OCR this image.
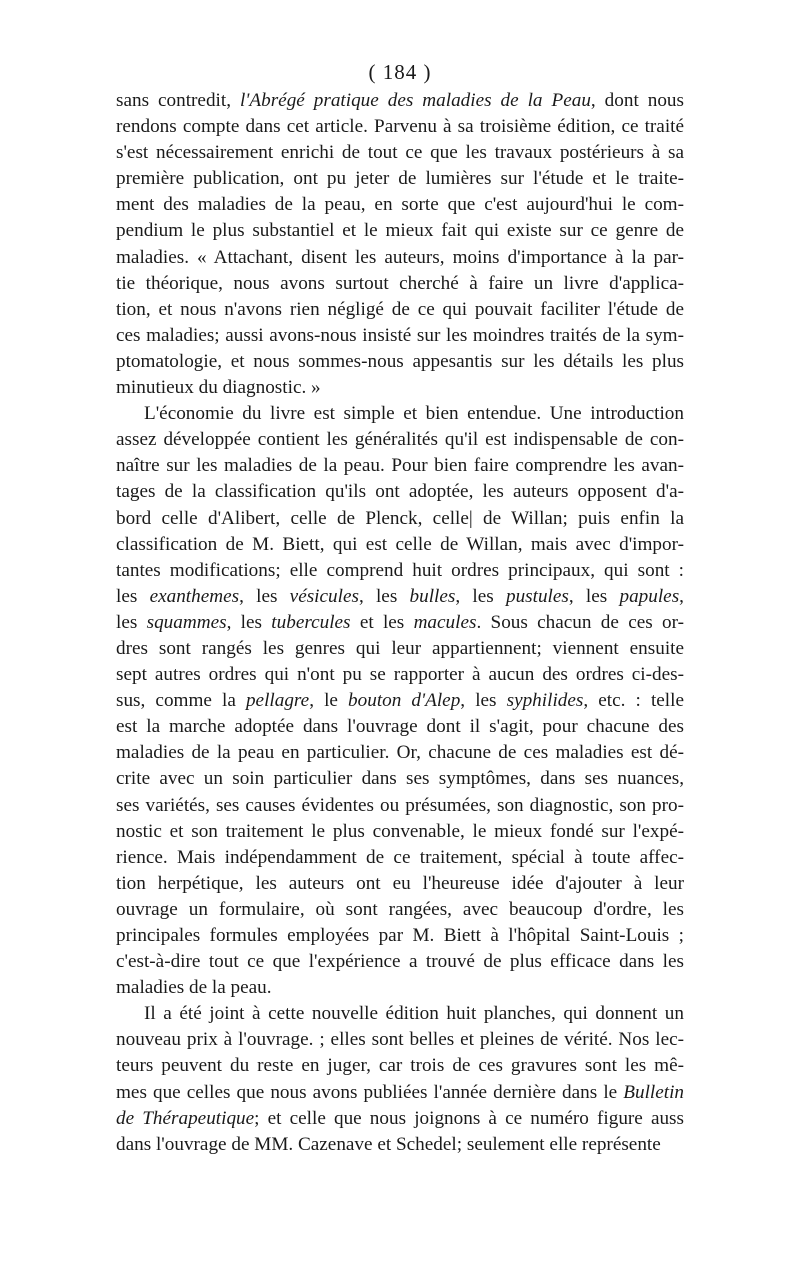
( 184 )
sans contredit, l'Abrégé pratique des maladies de la Peau, dont nous
rendons compte dans cet article. Parvenu à sa troisième édition, ce traité
s'est nécessairement enrichi de tout ce que les travaux postérieurs à sa
première publication, ont pu jeter de lumières sur l'étude et le traite-
ment des maladies de la peau, en sorte que c'est aujourd'hui le com-
pendium le plus substantiel et le mieux fait qui existe sur ce genre de
maladies. « Attachant, disent les auteurs, moins d'importance à la par-
tie théorique, nous avons surtout cherché à faire un livre d'applica-
tion, et nous n'avons rien négligé de ce qui pouvait faciliter l'étude de
ces maladies; aussi avons-nous insisté sur les moindres traités de la sym-
ptomatologie, et nous sommes-nous appesantis sur les détails les plus
minutieux du diagnostic. »
L'économie du livre est simple et bien entendue. Une introduction
assez développée contient les généralités qu'il est indispensable de con-
naître sur les maladies de la peau. Pour bien faire comprendre les avan-
tages de la classification qu'ils ont adoptée, les auteurs opposent d'a-
bord celle d'Alibert, celle de Plenck, celle| de Willan; puis enfin la
classification de M. Biett, qui est celle de Willan, mais avec d'impor-
tantes modifications; elle comprend huit ordres principaux, qui sont :
les exanthemes, les vésicules, les bulles, les pustules, les papules,
les squammes, les tubercules et les macules. Sous chacun de ces or-
dres sont rangés les genres qui leur appartiennent; viennent ensuite
sept autres ordres qui n'ont pu se rapporter à aucun des ordres ci-des-
sus, comme la pellagre, le bouton d'Alep, les syphilides, etc. : telle
est la marche adoptée dans l'ouvrage dont il s'agit, pour chacune des
maladies de la peau en particulier. Or, chacune de ces maladies est dé-
crite avec un soin particulier dans ses symptômes, dans ses nuances,
ses variétés, ses causes évidentes ou présumées, son diagnostic, son pro-
nostic et son traitement le plus convenable, le mieux fondé sur l'expé-
rience. Mais indépendamment de ce traitement, spécial à toute affec-
tion herpétique, les auteurs ont eu l'heureuse idée d'ajouter à leur
ouvrage un formulaire, où sont rangées, avec beaucoup d'ordre, les
principales formules employées par M. Biett à l'hôpital Saint-Louis ;
c'est-à-dire tout ce que l'expérience a trouvé de plus efficace dans les
maladies de la peau.
Il a été joint à cette nouvelle édition huit planches, qui donnent un
nouveau prix à l'ouvrage. ; elles sont belles et pleines de vérité. Nos lec-
teurs peuvent du reste en juger, car trois de ces gravures sont les mê-
mes que celles que nous avons publiées l'année dernière dans le Bulletin
de Thérapeutique; et celle que nous joignons à ce numéro figure auss
dans l'ouvrage de MM. Cazenave et Schedel; seulement elle représente
